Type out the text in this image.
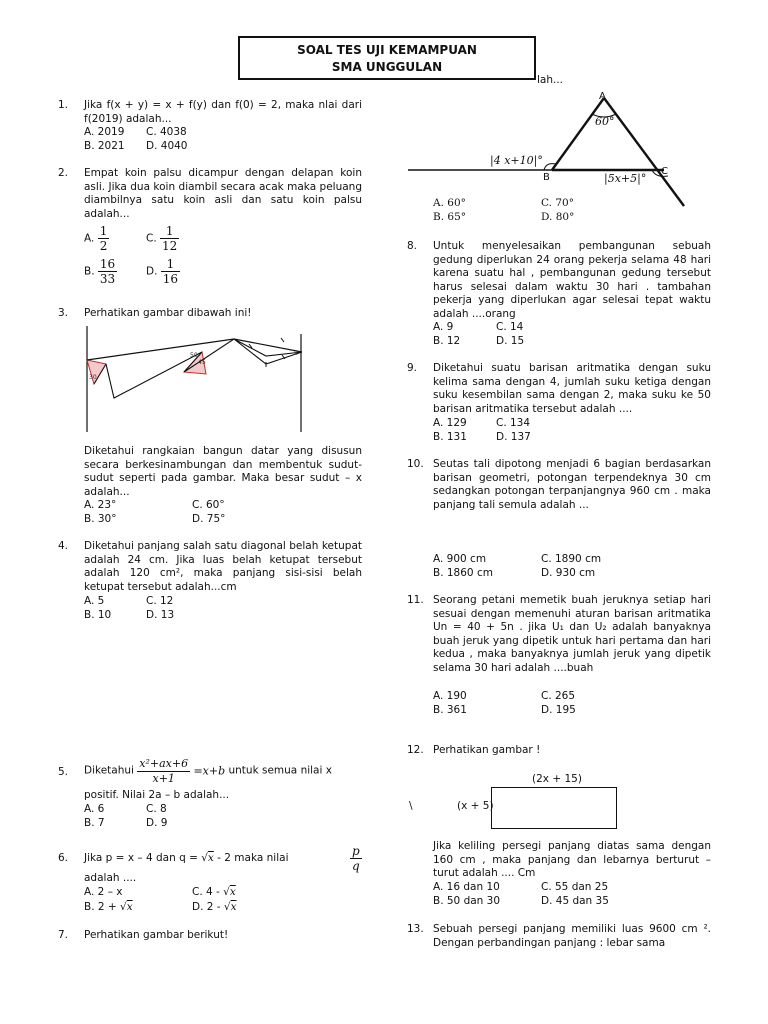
SOAL TES UJI KEMAMPUAN
SMA UNGGULAN
1. Jika f(x + y) = x + f(y) dan f(0) = 2, maka nlai dari f(2019) adalah...
A. 2019 C. 4038
B. 2021 D. 4040
2. Empat koin palsu dicampur dengan delapan koin asli. Jika dua koin diambil secara acak maka peluang diambilnya satu koin asli dan satu koin palsu adalah...
A. $\frac{1}{2}$	C. $\frac{1}{12}$
B. $\frac{16}{33}$	D. $\frac{1}{16}$
3. Perhatikan gambar dibawah ini!
30
50
45
x
Diketahui rangkaian bangun datar yang disusun secara berkesinambungan dan membentuk sudut-sudut seperti pada gambar. Maka besar sudut – x adalah...
A. 23°	C. 60°
B. 30°	D. 75°
4. Diketahui panjang salah satu diagonal belah ketupat adalah 24 cm. Jika luas belah ketupat tersebut adalah 120 cm², maka panjang sisi-sisi belah ketupat tersebut adalah...cm
A. 5	C. 12
B. 10	D. 13
5. Diketahui $\frac{\text{x²+ax+6}}{x+1} =x+b$ untuk semua nilai x
positif. Nilai 2a – b adalah...
A. 6	C. 8
B. 7	D. 9
6. Jika p = x – 4 dan q = √x - 2 maka nilai	$\frac{p}{q}$
adalah ....
A. 2 – x	C. 4 - √x
B. 2 + √x	D. 2 - √x
7. Perhatikan gambar berikut!
lah...
A
60°
|4 x+10|°
B
C
|5x+5|°
A. 60°	C. 70°
B. 65°	D. 80°
8. Untuk menyelesaikan pembangunan sebuah gedung diperlukan 24 orang pekerja selama 48 hari karena suatu hal , pembangunan gedung tersebut harus selesai dalam waktu 30 hari . tambahan pekerja yang diperlukan agar selesai tepat waktu adalah ....orang
A. 9	C. 14
B. 12	D. 15
9. Diketahui suatu barisan aritmatika dengan suku kelima sama dengan 4, jumlah suku ketiga dengan suku kesembilan sama dengan 2, maka suku ke 50 barisan aritmatika tersebut adalah ....
A. 129	C. 134
B. 131	D. 137
10. Seutas tali dipotong menjadi 6 bagian berdasarkan barisan geometri, potongan terpendeknya 30 cm sedangkan potongan terpanjangnya 960 cm . maka panjang tali semula adalah ...
A. 900 cm	C. 1890 cm
B. 1860 cm	D. 930 cm
11. Seorang petani memetik buah jeruknya setiap hari sesuai dengan memenuhi aturan barisan aritmatika Un = 40 + 5n . jika U₁ dan U₂ adalah banyaknya buah jeruk yang dipetik untuk hari pertama dan hari kedua , maka banyaknya jumlah jeruk yang dipetik selama 30 hari adalah ....buah
A. 190	C. 265
B. 361	D. 195
12. Perhatikan gambar !
(2x + 15)
\	(x + 5)
Jika keliling persegi panjang diatas sama dengan 160 cm , maka panjang dan lebarnya berturut – turut adalah .... Cm
A. 16 dan 10	C. 55 dan 25
B. 50 dan 30	D. 45 dan 35
13. Sebuah persegi panjang memiliki luas 9600 cm ². Dengan perbandingan panjang : lebar sama
